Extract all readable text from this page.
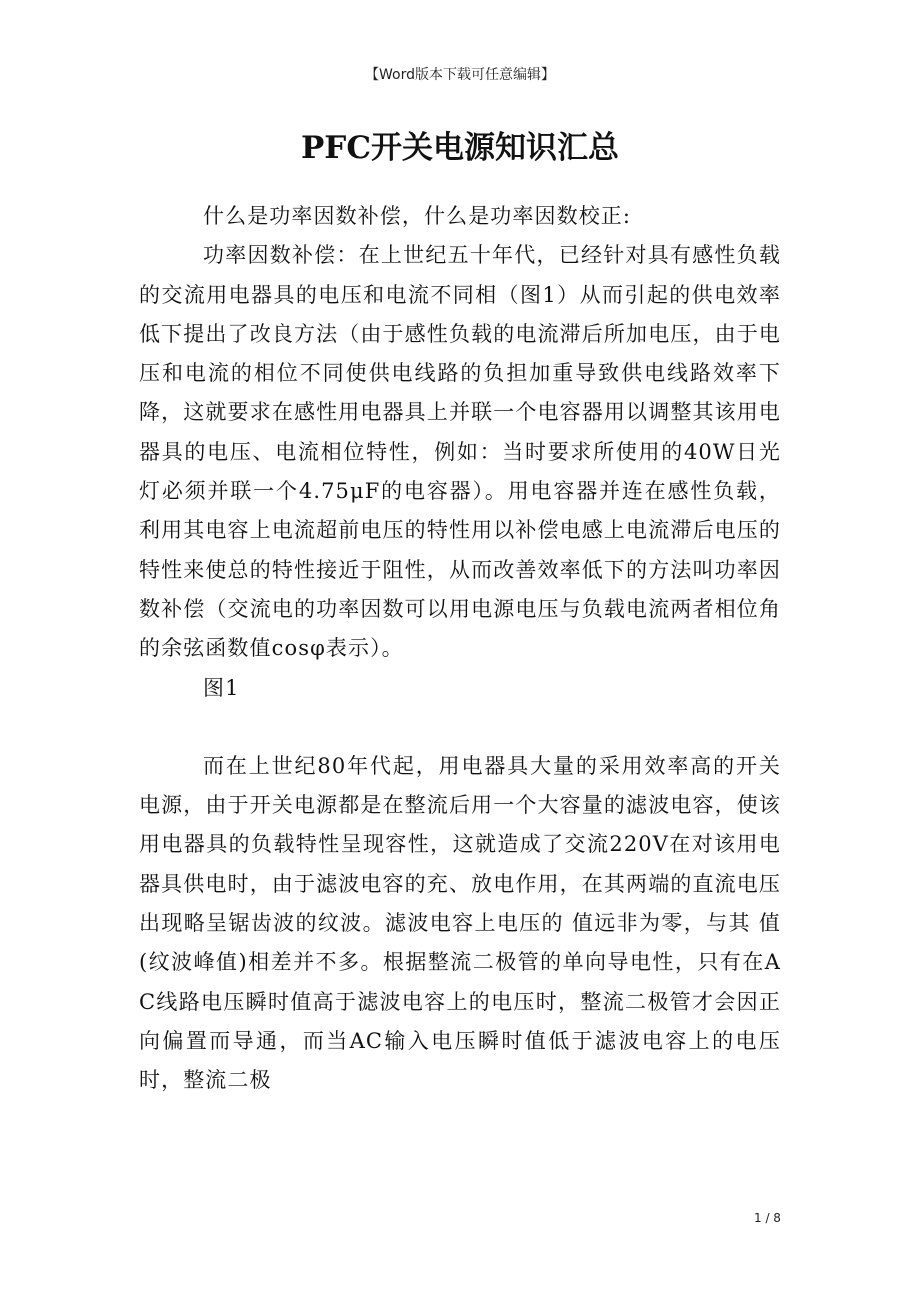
【Word版本下载可任意编辑】
PFC开关电源知识汇总

什么是功率因数补偿，什么是功率因数校正:

功率因数补偿：在上世纪五十年代，已经针对具有感性负载的交流用电器具的电压和电流不同相（图1）从而引起的供电效率低下提出了改良方法（由于感性负载的电流滞后所加电压，由于电压和电流的相位不同使供电线路的负担加重导致供电线路效率下降，这就要求在感性用电器具上并联一个电容器用以调整其该用电器具的电压、电流相位特性，例如：当时要求所使用的40W日光灯必须并联一个4.75μF的电容器）。用电容器并连在感性负载，利用其电容上电流超前电压的特性用以补偿电感上电流滞后电压的特性来使总的特性接近于阻性，从而改善效率低下的方法叫功率因数补偿（交流电的功率因数可以用电源电压与负载电流两者相位角的余弦函数值cosφ表示）。

图1

而在上世纪80年代起，用电器具大量的采用效率高的开关电源，由于开关电源都是在整流后用一个大容量的滤波电容，使该用电器具的负载特性呈现容性，这就造成了交流220V在对该用电器具供电时，由于滤波电容的充、放电作用，在其两端的直流电压出现略呈锯齿波的纹波。滤波电容上电压的 值远非为零，与其 值(纹波峰值)相差并不多。根据整流二极管的单向导电性，只有在AC线路电压瞬时值高于滤波电容上的电压时，整流二极管才会因正向偏置而导通，而当AC输入电压瞬时值低于滤波电容上的电压时，整流二极

1 / 8
